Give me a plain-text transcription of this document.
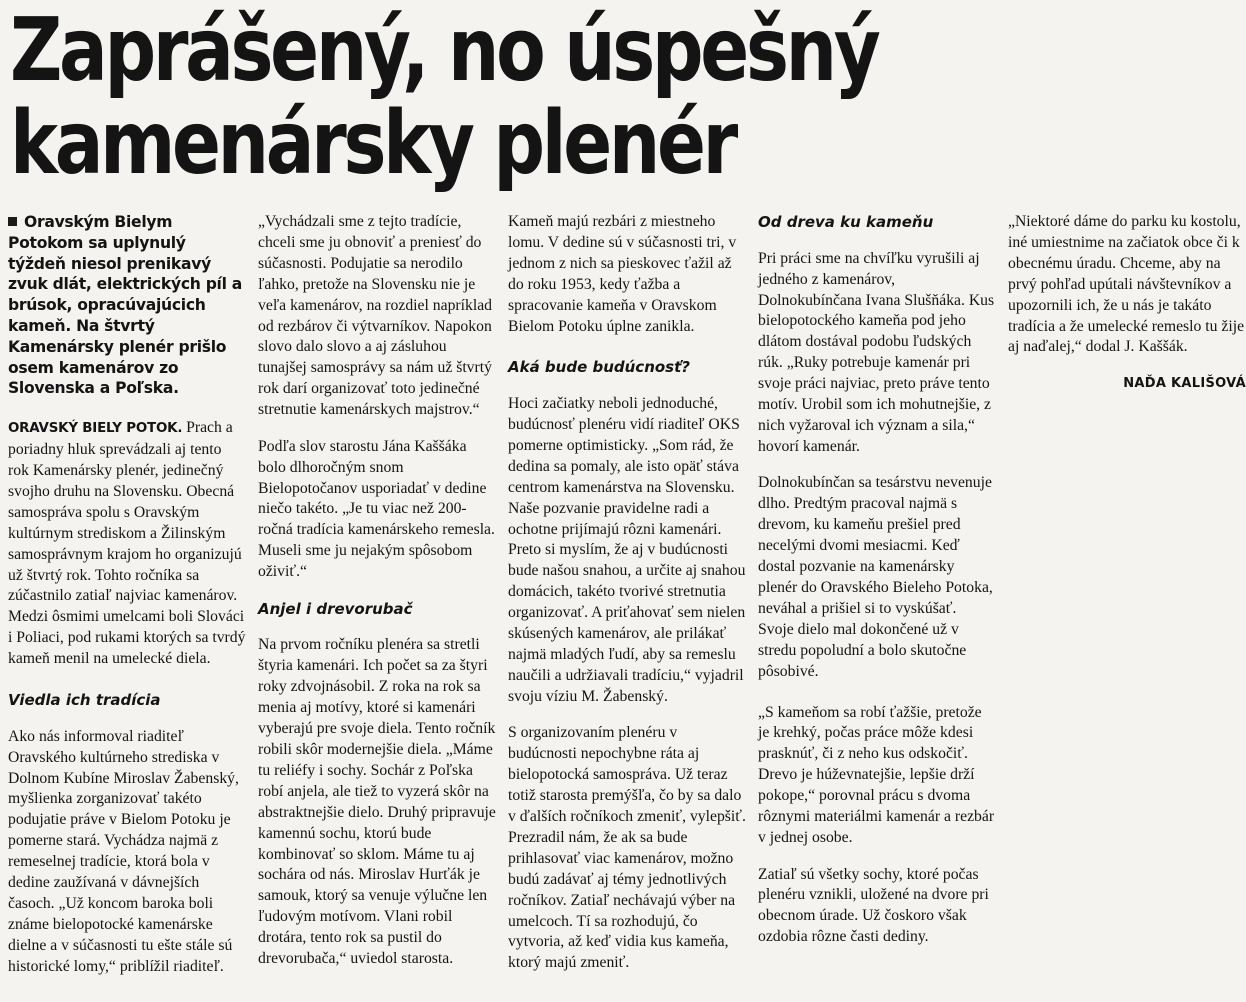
Zaprášený, no úspešný
kamenársky plenér

Oravským Bielym Potokom sa uplynulý týždeň niesol prenikavý zvuk dlát, elektrických píl a brúsok, opracúvajúcich kameň. Na štvrtý Kamenársky plenér prišlo osem kamenárov zo Slovenska a Poľska.

ORAVSKÝ BIELY POTOK. Prach a poriadny hluk sprevádzali aj tento rok Kamenársky plenér, jedinečný svojho druhu na Slovensku. Obecná samospráva spolu s Oravským kultúrnym strediskom a Žilinským samosprávnym krajom ho organizujú už štvrtý rok. Tohto ročníka sa zúčastnilo zatiaľ najviac kamenárov. Medzi ôsmimi umelcami boli Slováci i Poliaci, pod rukami ktorých sa tvrdý kameň menil na umelecké diela.

Viedla ich tradícia

Ako nás informoval riaditeľ Oravského kultúrneho strediska v Dolnom Kubíne Miroslav Žabenský, myšlienka zorganizovať takéto podujatie práve v Bielom Potoku je pomerne stará. Vychádza najmä z remeselnej tradície, ktorá bola v dedine zaužívaná v dávnejších časoch. „Už koncom baroka boli známe bielopotocké kamenárske dielne a v súčasnosti tu ešte stále sú historické lomy,“ priblížil riaditeľ. „Vychádzali sme z tejto tradície, chceli sme ju obnoviť a preniesť do súčasnosti. Podujatie sa nerodilo ľahko, pretože na Slovensku nie je veľa kamenárov, na rozdiel napríklad od rezbárov či výtvarníkov. Napokon slovo dalo slovo a aj zásluhou tunajšej samosprávy sa nám už štvrtý rok darí organizovať toto jedinečné stretnutie kamenárskych majstrov.“

Podľa slov starostu Jána Kaššáka bolo dlhoročným snom Bielopotočanov usporiadať v dedine niečo takéto. „Je tu viac než 200-ročná tradícia kamenárskeho remesla. Museli sme ju nejakým spôsobom oživiť.“

Anjel i drevorubač

Na prvom ročníku plenéra sa stretli štyria kamenári. Ich počet sa za štyri roky zdvojnásobil. Z roka na rok sa menia aj motívy, ktoré si kamenári vyberajú pre svoje diela. Tento ročník robili skôr modernejšie diela. „Máme tu reliéfy i sochy. Sochár z Poľska robí anjela, ale tiež to vyzerá skôr na abstraktnejšie dielo. Druhý pripravuje kamennú sochu, ktorú bude kombinovať so sklom. Máme tu aj sochára od nás. Miroslav Hurťák je samouk, ktorý sa venuje výlučne len ľudovým motívom. Vlani robil drotára, tento rok sa pustil do drevorubača,“ uviedol starosta.

Kameň majú rezbári z miestneho lomu. V dedine sú v súčasnosti tri, v jednom z nich sa pieskovec ťažil až do roku 1953, kedy ťažba a spracovanie kameňa v Oravskom Bielom Potoku úplne zanikla.

Aká bude budúcnosť?

Hoci začiatky neboli jednoduché, budúcnosť plenéru vidí riaditeľ OKS pomerne optimisticky. „Som rád, že dedina sa pomaly, ale isto opäť stáva centrom kamenárstva na Slovensku. Naše pozvanie pravidelne radi a ochotne prijímajú rôzni kamenári. Preto si myslím, že aj v budúcnosti bude našou snahou, a určite aj snahou domácich, takéto tvorivé stretnutia organizovať. A priťahovať sem nielen skúsených kamenárov, ale prilákať najmä mladých ľudí, aby sa remeslu naučili a udržiavali tradíciu,“ vyjadril svoju víziu M. Žabenský.

S organizovaním plenéru v budúcnosti nepochybne ráta aj bielopotocká samospráva. Už teraz totiž starosta premýšľa, čo by sa dalo v ďalších ročníkoch zmeniť, vylepšiť. Prezradil nám, že ak sa bude prihlasovať viac kamenárov, možno budú zadávať aj témy jednotlivých ročníkov. Zatiaľ nechávajú výber na umelcoch. Tí sa rozhodujú, čo vytvoria, až keď vidia kus kameňa, ktorý majú zmeniť.

Od dreva ku kameňu

Pri práci sme na chvíľku vyrušili aj jedného z kamenárov, Dolnokubínčana Ivana Slušňáka. Kus bielopotockého kameňa pod jeho dlátom dostával podobu ľudských rúk. „Ruky potrebuje kamenár pri svoje práci najviac, preto práve tento motív. Urobil som ich mohutnejšie, z nich vyžaroval ich význam a sila,“ hovorí kamenár.

Dolnokubínčan sa tesárstvu nevenuje dlho. Predtým pracoval najmä s drevom, ku kameňu prešiel pred necelými dvomi mesiacmi. Keď dostal pozvanie na kamenársky plenér do Oravského Bieleho Potoka, neváhal a prišiel si to vyskúšať. Svoje dielo mal dokončené už v stredu popoludní a bolo skutočne pôsobivé.

„S kameňom sa robí ťažšie, pretože je krehký, počas práce môže kdesi prasknúť, či z neho kus odskočiť. Drevo je húževnatejšie, lepšie drží pokope,“ porovnal prácu s dvoma rôznymi materiálmi kamenár a rezbár v jednej osobe.

Zatiaľ sú všetky sochy, ktoré počas plenéru vznikli, uložené na dvore pri obecnom úrade. Už čoskoro však ozdobia rôzne časti dediny.

„Niektoré dáme do parku ku kostolu, iné umiestnime na začiatok obce či k obecnému úradu. Chceme, aby na prvý pohľad upútali návštevníkov a upozornili ich, že u nás je takáto tradícia a že umelecké remeslo tu žije aj naďalej,“ dodal J. Kaššák.

NAĎA KALIŠOVÁ
